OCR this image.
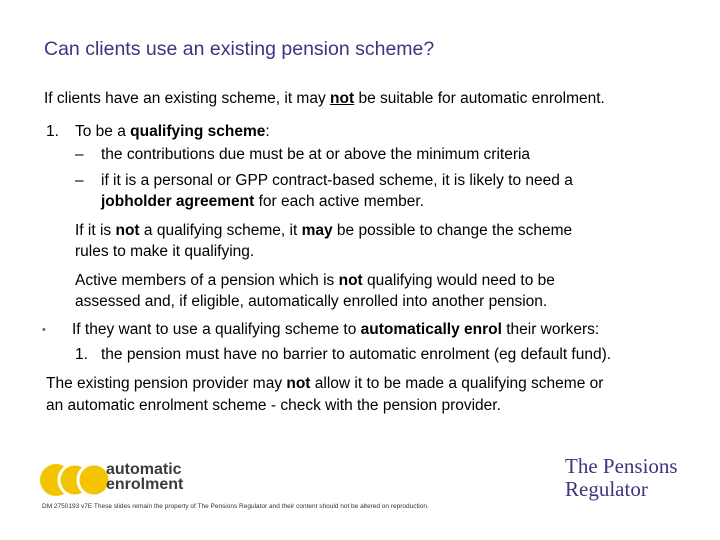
Can clients use an existing pension scheme?
If clients have an existing scheme, it may not be suitable for automatic enrolment.
1. To be a qualifying scheme:
– the contributions due must be at or above the minimum criteria
– if it is a personal or GPP contract-based scheme, it is likely to need a
jobholder agreement for each active member.
If it is not a qualifying scheme, it may be possible to change the scheme
rules to make it qualifying.
Active members of a pension which is not qualifying would need to be
assessed and, if eligible, automatically enrolled into another pension.
• If they want to use a qualifying scheme to automatically enrol their workers:
1. the pension must have no barrier to automatic enrolment (eg default fund).
The existing pension provider may not allow it to be made a qualifying scheme or
an automatic enrolment scheme - check with the pension provider.
automatic
enrolment
The Pensions
Regulator
DM 2750193 v7E These slides remain the property of The Pensions Regulator and their content should not be altered on reproduction.
